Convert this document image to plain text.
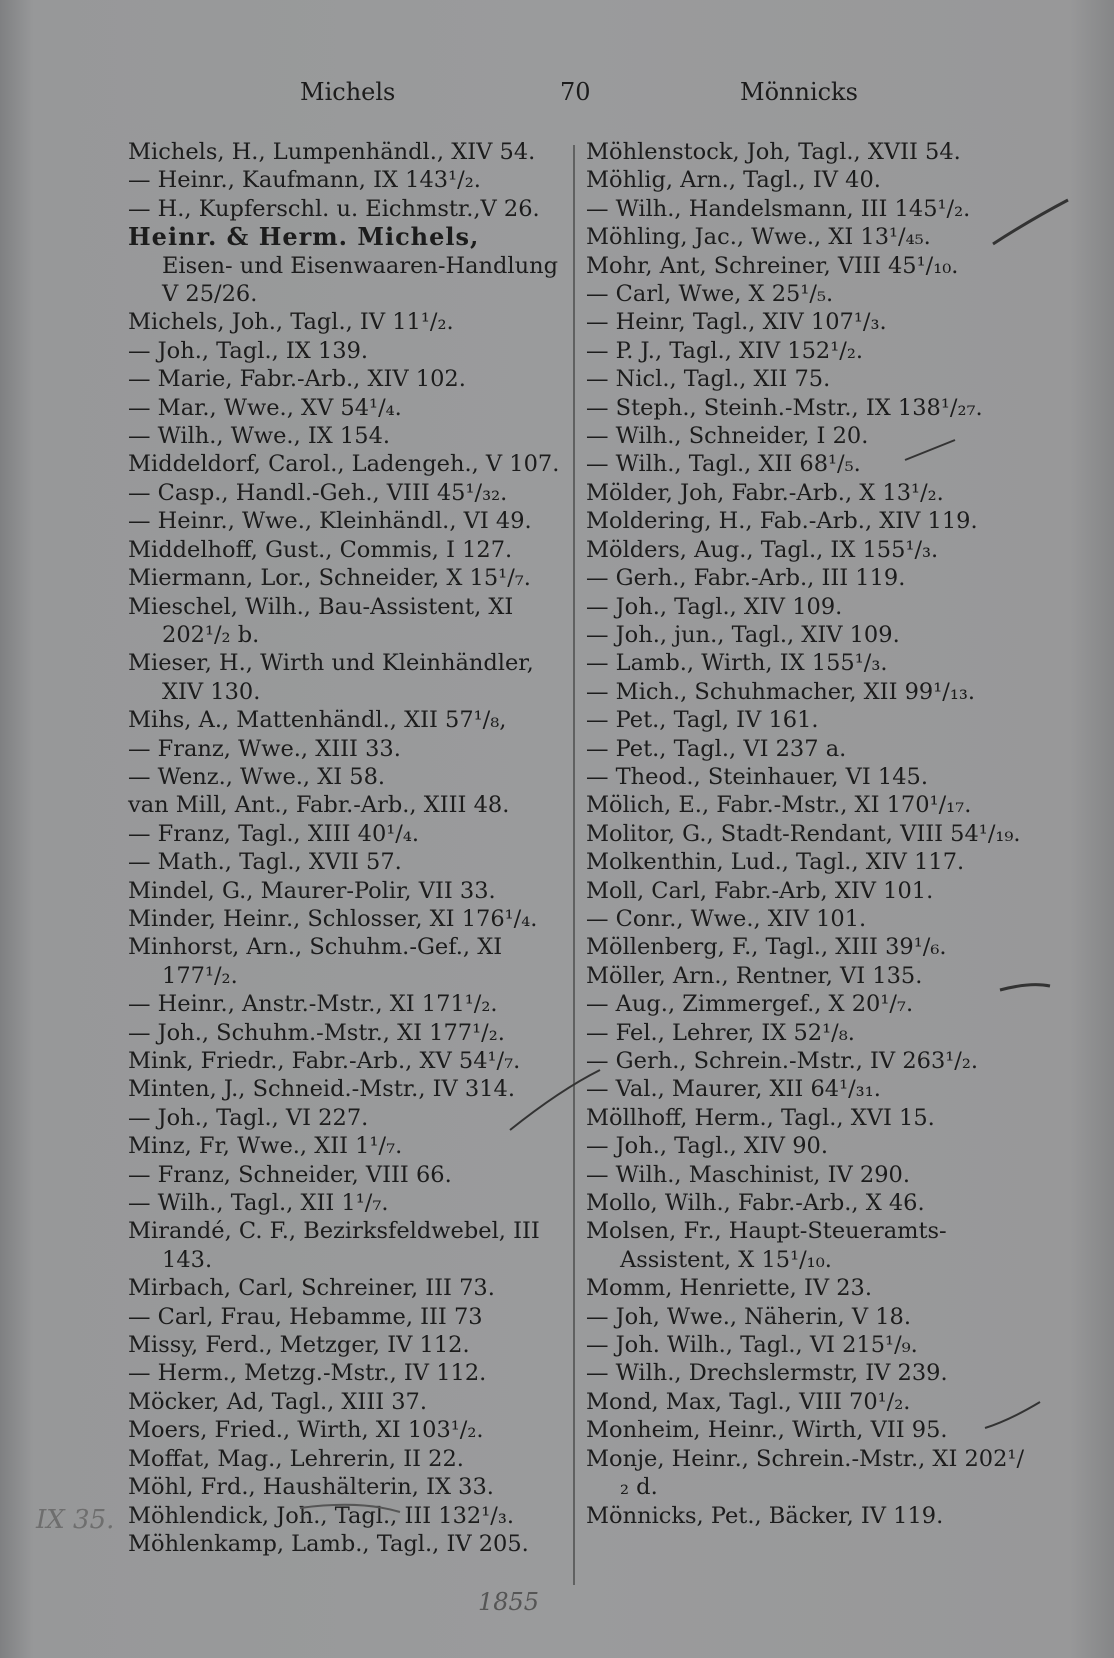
Michels	70	Mönnicks
Michels, H., Lumpenhändl., XIV 54.
— Heinr., Kaufmann, IX 143¹/₂.
— H., Kupferschl. u. Eichmstr.,V 26.
Heinr. & Herm. Michels,
Eisen- und Eisenwaaren-Handlung V 25/26.
Michels, Joh., Tagl., IV 11¹/₂.
— Joh., Tagl., IX 139.
— Marie, Fabr.-Arb., XIV 102.
— Mar., Wwe., XV 54¹/₄.
— Wilh., Wwe., IX 154.
Middeldorf, Carol., Ladengeh., V 107.
— Casp., Handl.-Geh., VIII 45¹/₃₂.
— Heinr., Wwe., Kleinhändl., VI 49.
Middelhoff, Gust., Commis, I 127.
Miermann, Lor., Schneider, X 15¹/₇.
Mieschel, Wilh., Bau-Assistent, XI 202¹/₂ b.
Mieser, H., Wirth und Kleinhändler, XIV 130.
Mihs, A., Mattenhändl., XII 57¹/₈,
— Franz, Wwe., XIII 33.
— Wenz., Wwe., XI 58.
van Mill, Ant., Fabr.-Arb., XIII 48.
— Franz, Tagl., XIII 40¹/₄.
— Math., Tagl., XVII 57.
Mindel, G., Maurer-Polir, VII 33.
Minder, Heinr., Schlosser, XI 176¹/₄.
Minhorst, Arn., Schuhm.-Gef., XI 177¹/₂.
— Heinr., Anstr.-Mstr., XI 171¹/₂.
— Joh., Schuhm.-Mstr., XI 177¹/₂.
Mink, Friedr., Fabr.-Arb., XV 54¹/₇.
Minten, J., Schneid.-Mstr., IV 314.
— Joh., Tagl., VI 227.
Minz, Fr, Wwe., XII 1¹/₇.
— Franz, Schneider, VIII 66.
— Wilh., Tagl., XII 1¹/₇.
Mirandé, C. F., Bezirksfeldwebel, III 143.
Mirbach, Carl, Schreiner, III 73.
— Carl, Frau, Hebamme, III 73
Missy, Ferd., Metzger, IV 112.
— Herm., Metzg.-Mstr., IV 112.
Möcker, Ad, Tagl., XIII 37.
Moers, Fried., Wirth, XI 103¹/₂.
Moffat, Mag., Lehrerin, II 22.
Möhl, Frd., Haushälterin, IX 33.
Möhlendick, Joh., Tagl., III 132¹/₃.
Möhlenkamp, Lamb., Tagl., IV 205.
Möhlenstock, Joh, Tagl., XVII 54.
Möhlig, Arn., Tagl., IV 40.
— Wilh., Handelsmann, III 145¹/₂.
Möhling, Jac., Wwe., XI 13¹/₄₅.
Mohr, Ant, Schreiner, VIII 45¹/₁₀.
— Carl, Wwe, X 25¹/₅.
— Heinr, Tagl., XIV 107¹/₃.
— P. J., Tagl., XIV 152¹/₂.
— Nicl., Tagl., XII 75.
— Steph., Steinh.-Mstr., IX 138¹/₂₇.
— Wilh., Schneider, I 20.
— Wilh., Tagl., XII 68¹/₅.
Mölder, Joh, Fabr.-Arb., X 13¹/₂.
Moldering, H., Fab.-Arb., XIV 119.
Mölders, Aug., Tagl., IX 155¹/₃.
— Gerh., Fabr.-Arb., III 119.
— Joh., Tagl., XIV 109.
— Joh., jun., Tagl., XIV 109.
— Lamb., Wirth, IX 155¹/₃.
— Mich., Schuhmacher, XII 99¹/₁₃.
— Pet., Tagl, IV 161.
— Pet., Tagl., VI 237 a.
— Theod., Steinhauer, VI 145.
Mölich, E., Fabr.-Mstr., XI 170¹/₁₇.
Molitor, G., Stadt-Rendant, VIII 54¹/₁₉.
Molkenthin, Lud., Tagl., XIV 117.
Moll, Carl, Fabr.-Arb, XIV 101.
— Conr., Wwe., XIV 101.
Möllenberg, F., Tagl., XIII 39¹/₆.
Möller, Arn., Rentner, VI 135.
— Aug., Zimmergef., X 20¹/₇.
— Fel., Lehrer, IX 52¹/₈.
— Gerh., Schrein.-Mstr., IV 263¹/₂.
— Val., Maurer, XII 64¹/₃₁.
Möllhoff, Herm., Tagl., XVI 15.
— Joh., Tagl., XIV 90.
— Wilh., Maschinist, IV 290.
Mollo, Wilh., Fabr.-Arb., X 46.
Molsen, Fr., Haupt-Steueramts-Assistent, X 15¹/₁₀.
Momm, Henriette, IV 23.
— Joh, Wwe., Näherin, V 18.
— Joh. Wilh., Tagl., VI 215¹/₉.
— Wilh., Drechslermstr, IV 239.
Mond, Max, Tagl., VIII 70¹/₂.
Monheim, Heinr., Wirth, VII 95.
Monje, Heinr., Schrein.-Mstr., XI 202¹/₂ d.
Mönnicks, Pet., Bäcker, IV 119.
IX 35.
1855
